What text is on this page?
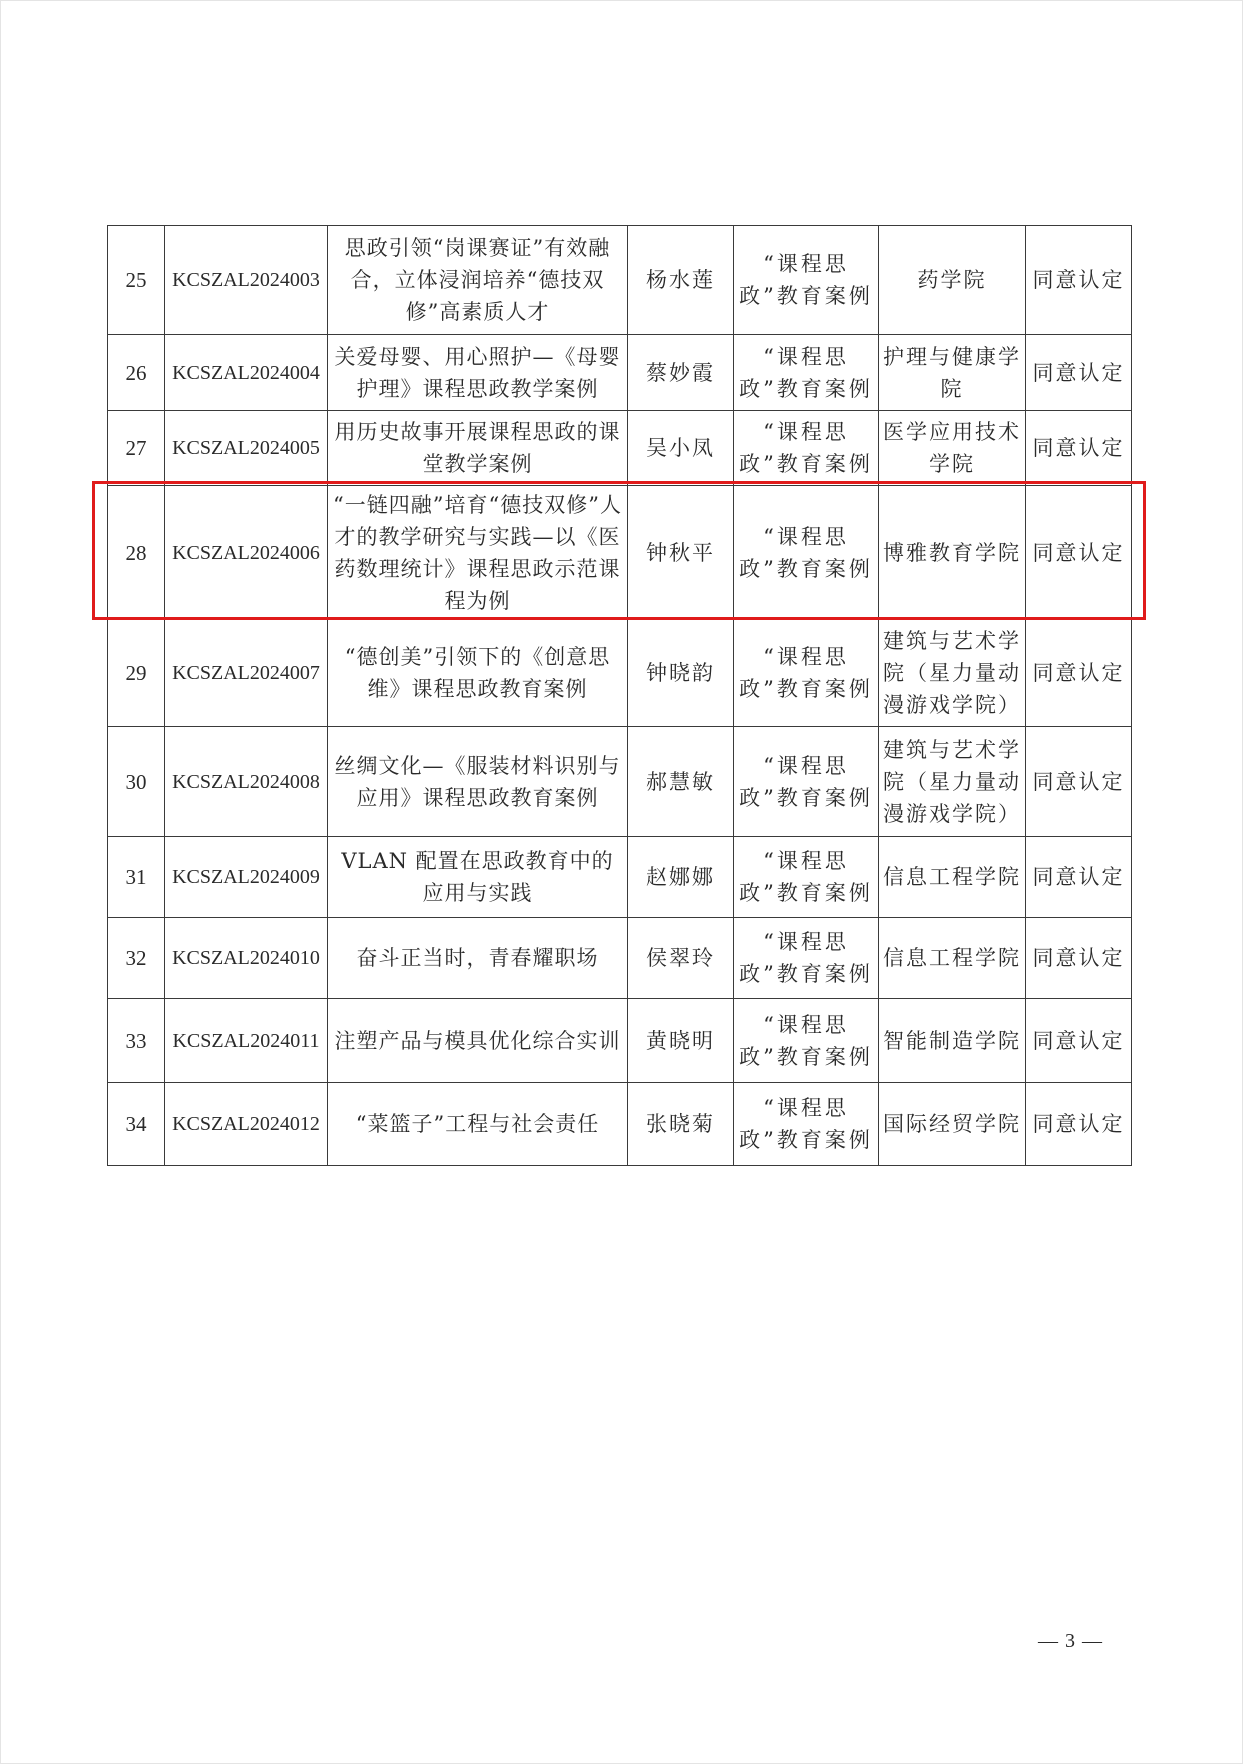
25	KCSZAL2024003	思政引领“岗课赛证”有效融合，立体浸润培养“德技双修”高素质人才	杨水莲	“课程思政”教育案例	药学院	同意认定
26	KCSZAL2024004	关爱母婴、用心照护—《母婴护理》课程思政教学案例	蔡妙霞	“课程思政”教育案例	护理与健康学院	同意认定
27	KCSZAL2024005	用历史故事开展课程思政的课堂教学案例	吴小凤	“课程思政”教育案例	医学应用技术学院	同意认定
28	KCSZAL2024006	“一链四融”培育“德技双修”人才的教学研究与实践—以《医药数理统计》课程思政示范课程为例	钟秋平	“课程思政”教育案例	博雅教育学院	同意认定
29	KCSZAL2024007	“德创美”引领下的《创意思维》课程思政教育案例	钟晓韵	“课程思政”教育案例	建筑与艺术学院（星力量动漫游戏学院）	同意认定
30	KCSZAL2024008	丝绸文化—《服装材料识别与应用》课程思政教育案例	郝慧敏	“课程思政”教育案例	建筑与艺术学院（星力量动漫游戏学院）	同意认定
31	KCSZAL2024009	VLAN 配置在思政教育中的应用与实践	赵娜娜	“课程思政”教育案例	信息工程学院	同意认定
32	KCSZAL2024010	奋斗正当时，青春耀职场	侯翠玲	“课程思政”教育案例	信息工程学院	同意认定
33	KCSZAL2024011	注塑产品与模具优化综合实训	黄晓明	“课程思政”教育案例	智能制造学院	同意认定
34	KCSZAL2024012	“菜篮子”工程与社会责任	张晓菊	“课程思政”教育案例	国际经贸学院	同意认定
— 3 —
